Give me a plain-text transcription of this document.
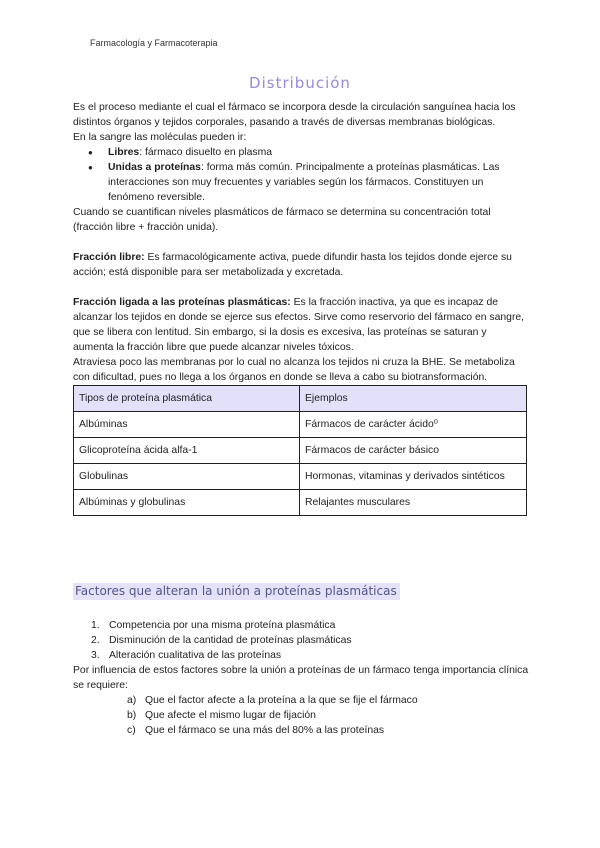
Farmacología y Farmacoterapia
Distribución

Es el proceso mediante el cual el fármaco se incorpora desde la circulación sanguínea hacia los distintos órganos y tejidos corporales, pasando a través de diversas membranas biológicas.

En la sangre las moléculas pueden ir:

● Libres: fármaco disuelto en plasma
● Unidas a proteínas: forma más común. Principalmente a proteínas plasmáticas. Las interacciones son muy frecuentes y variables según los fármacos. Constituyen un fenómeno reversible.

Cuando se cuantifican niveles plasmáticos de fármaco se determina su concentración total (fracción libre + fracción unida).

Fracción libre: Es farmacológicamente activa, puede difundir hasta los tejidos donde ejerce su acción; está disponible para ser metabolizada y excretada.

Fracción ligada a las proteínas plasmáticas: Es la fracción inactiva, ya que es incapaz de alcanzar los tejidos en donde se ejerce sus efectos. Sirve como reservorio del fármaco en sangre, que se libera con lentitud. Sin embargo, si la dosis es excesiva, las proteínas se saturan y aumenta la fracción libre que puede alcanzar niveles tóxicos.

Atraviesa poco las membranas por lo cual no alcanza los tejidos ni cruza la BHE. Se metaboliza con dificultad, pues no llega a los órganos en donde se lleva a cabo su biotransformación.

Tipos de proteína plasmática	Ejemplos
Albúminas	Fármacos de carácter ácido⁰
Glicoproteína ácida alfa-1	Fármacos de carácter básico
Globulinas	Hormonas, vitaminas y derivados sintéticos
Albúminas y globulinas	Relajantes musculares
Factores que alteran la unión a proteínas plasmáticas
1. Competencia por una misma proteína plasmática
2. Disminución de la cantidad de proteínas plasmáticas
3. Alteración cualitativa de las proteínas

Por influencia de estos factores sobre la unión a proteínas de un fármaco tenga importancia clínica se requiere:

a) Que el factor afecte a la proteína a la que se fije el fármaco
b) Que afecte el mismo lugar de fijación
c) Que el fármaco se una más del 80% a las proteínas
